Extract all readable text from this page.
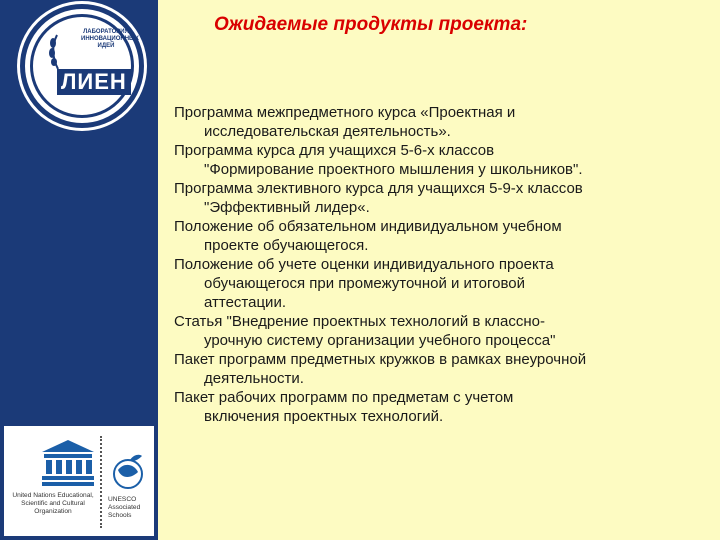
ЛАБОРАТОРИЯ ИННОВАЦИОННЫХ ИДЕЙ
ЛИЕН
United Nations Educational, Scientific and Cultural Organization
UNESCO Associated Schools
Ожидаемые продукты проекта:
Программа межпредметного курса «Проектная и
исследовательская деятельность».
Программа курса для учащихся 5-6-х классов
"Формирование проектного мышления у школьников".
Программа элективного курса для учащихся 5-9-х классов
"Эффективный лидер«.
Положение об обязательном индивидуальном учебном
проекте обучающегося.
Положение об учете оценки индивидуального проекта
обучающегося при промежуточной и итоговой
аттестации.
Статья "Внедрение проектных технологий в классно-
урочную систему организации учебного процесса"
Пакет программ предметных кружков в рамках внеурочной
деятельности.
Пакет рабочих программ по предметам с учетом
включения проектных технологий.
